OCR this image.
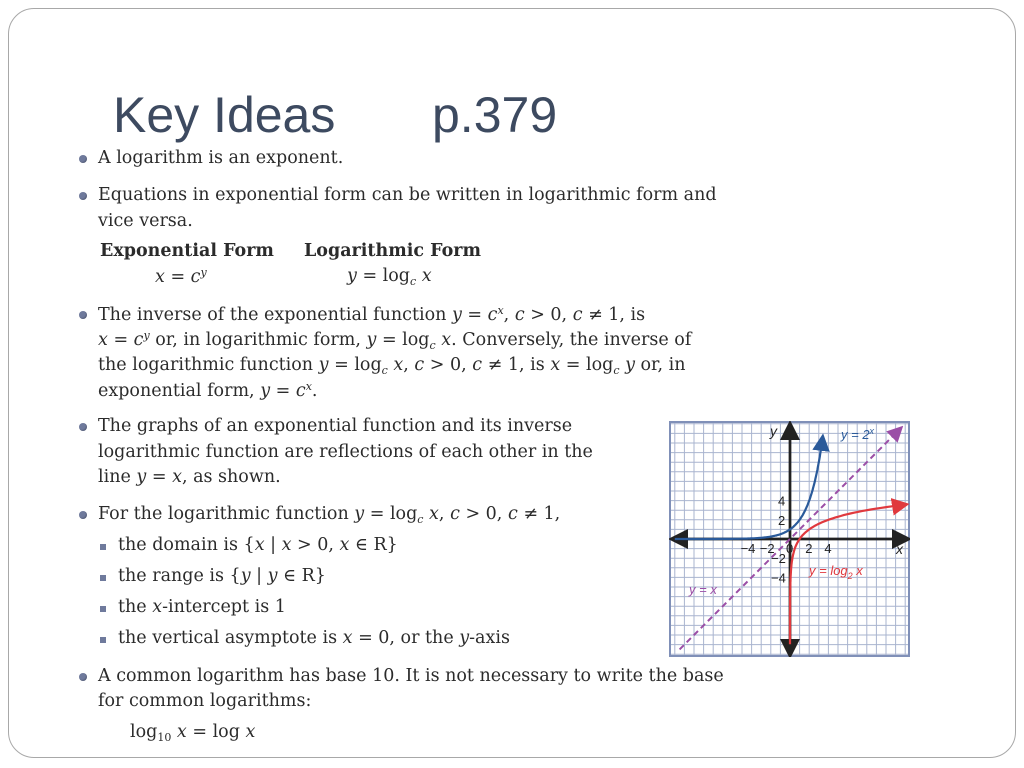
Key Ideas p.379
A logarithm is an exponent.
Equations in exponential form can be written in logarithmic form and
vice versa.
Exponential Form Logarithmic Form
$x = c^y$	$y = \log_c x$
The inverse of the exponential function $y = c^x$, c > 0, c ≠ 1, is
$x = c^y$ or, in logarithmic form, $y = \log_c x$. Conversely, the inverse of
the logarithmic function $y = \log_c x$, c > 0, c ≠ 1, is $x = \log_c y$ or, in
exponential form, $y = c^x$.
The graphs of an exponential function and its inverse
logarithmic function are reflections of each other in the
line y = x, as shown.
For the logarithmic function $y = \log_c x$, c > 0, c ≠ 1,
the domain is {x | x > 0, x ∈ R}
the range is {y | y ∈ R}
the x-intercept is 1
the vertical asymptote is x = 0, or the y-axis
A common logarithm has base 10. It is not necessary to write the base
for common logarithms:
$\log_{10} x = \log x$
−4 −2 0 2 4
4
2
−2
−4
y
x
$y = 2^x$
$y = \log_2 x$
y = x
